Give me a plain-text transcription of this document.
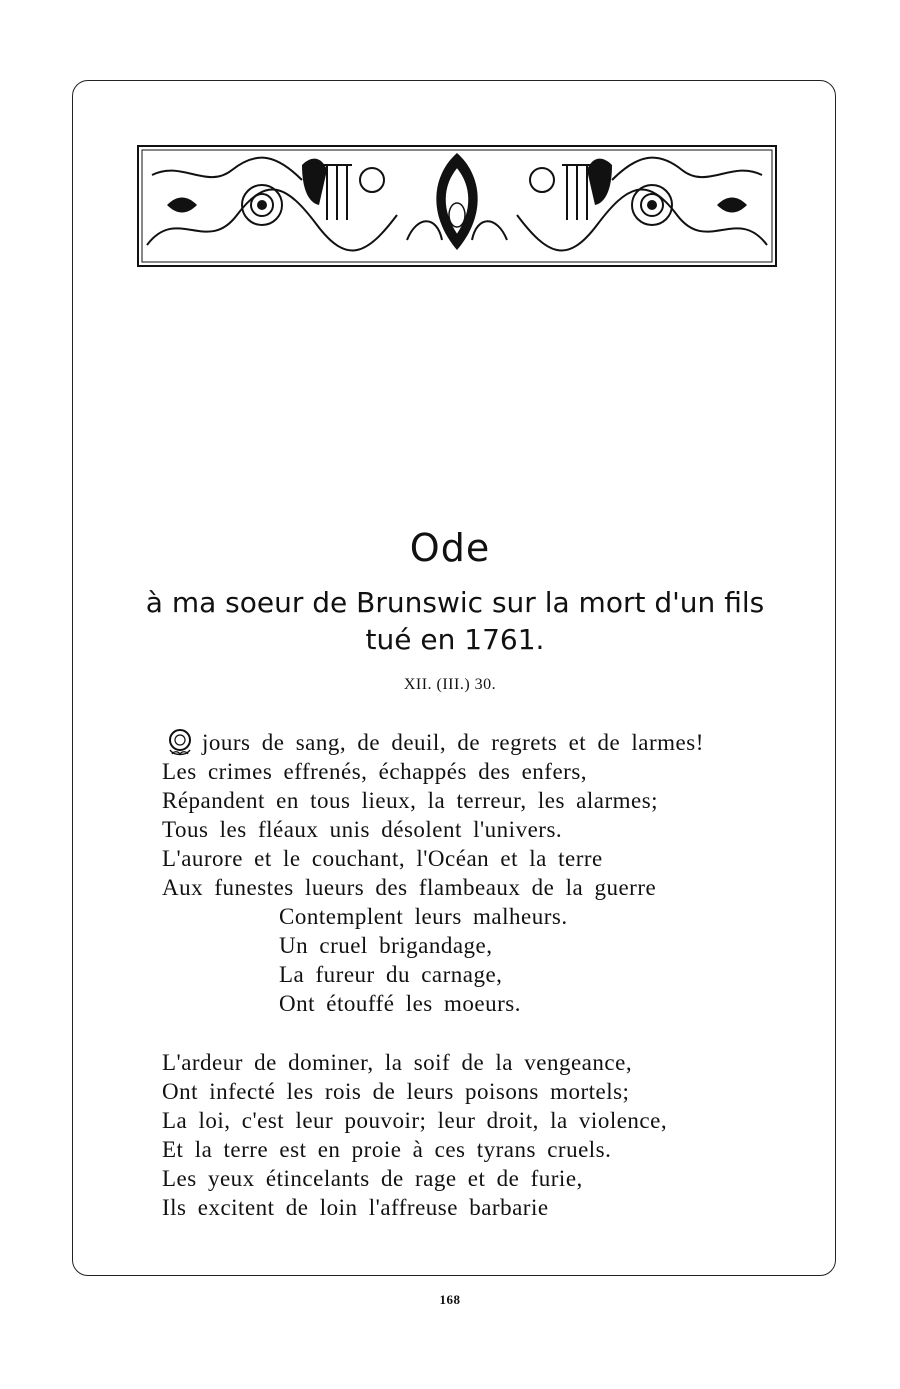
Ode
à ma soeur de Brunswic sur la mort d'un fils tué en 1761.
XII. (III.) 30.
jours de sang, de deuil, de regrets et de larmes!
Les crimes effrenés, échappés des enfers,
Répandent en tous lieux, la terreur, les alarmes;
Tous les fléaux unis désolent l'univers.
L'aurore et le couchant, l'Océan et la terre
Aux funestes lueurs des flambeaux de la guerre
Contemplent leurs malheurs.
Un cruel brigandage,
La fureur du carnage,
Ont étouffé les moeurs.
L'ardeur de dominer, la soif de la vengeance,
Ont infecté les rois de leurs poisons mortels;
La loi, c'est leur pouvoir; leur droit, la violence,
Et la terre est en proie à ces tyrans cruels.
Les yeux étincelants de rage et de furie,
Ils excitent de loin l'affreuse barbarie
168
